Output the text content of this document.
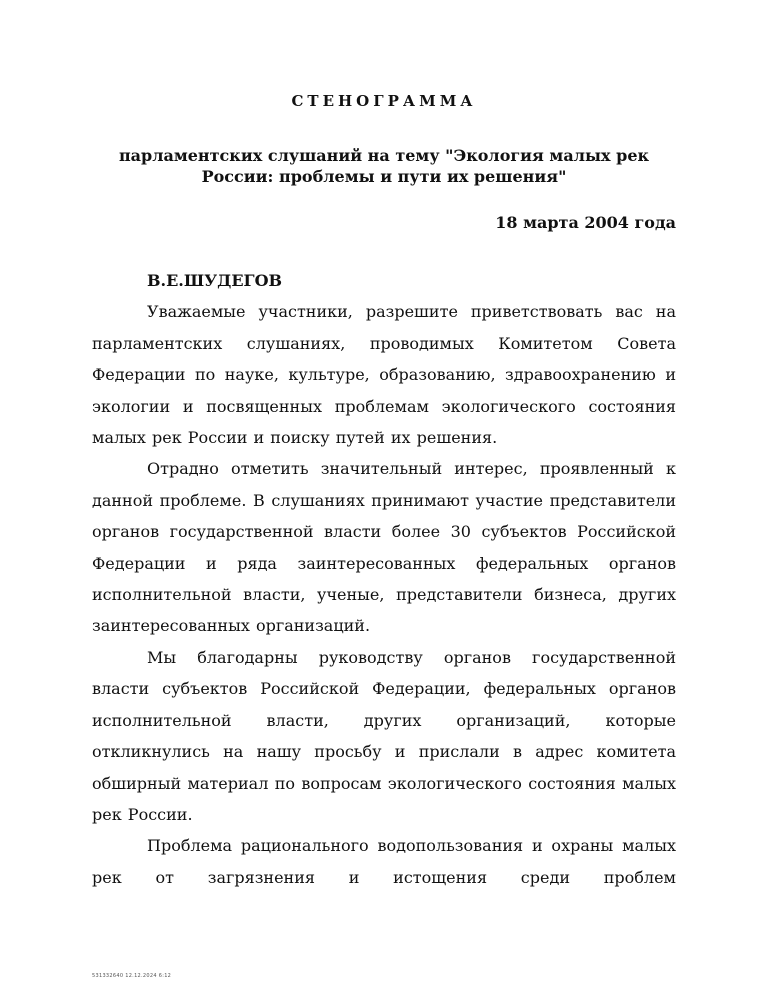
СТЕНОГРАММА
парламентских слушаний на тему "Экология малых рек России: проблемы и пути их решения"
18 марта 2004 года

В.Е.ШУДЕГОВ

Уважаемые участники, разрешите приветствовать вас на парламентских слушаниях, проводимых Комитетом Совета Федерации по науке, культуре, образованию, здравоохранению и экологии и посвященных проблемам экологического состояния малых рек России и поиску путей их решения.

Отрадно отметить значительный интерес, проявленный к данной проблеме. В слушаниях принимают участие представители органов государственной власти более 30 субъектов Российской Федерации и ряда заинтересованных федеральных органов исполнительной власти, ученые, представители бизнеса, других заинтересованных организаций.

Мы благодарны руководству органов государственной власти субъектов Российской Федерации, федеральных органов исполнительной власти, других организаций, которые откликнулись на нашу просьбу и прислали в адрес комитета обширный материал по вопросам экологического состояния малых рек России.

Проблема рационального водопользования и охраны малых рек от загрязнения и истощения среди проблем

531332640 12.12.2024 6:12
